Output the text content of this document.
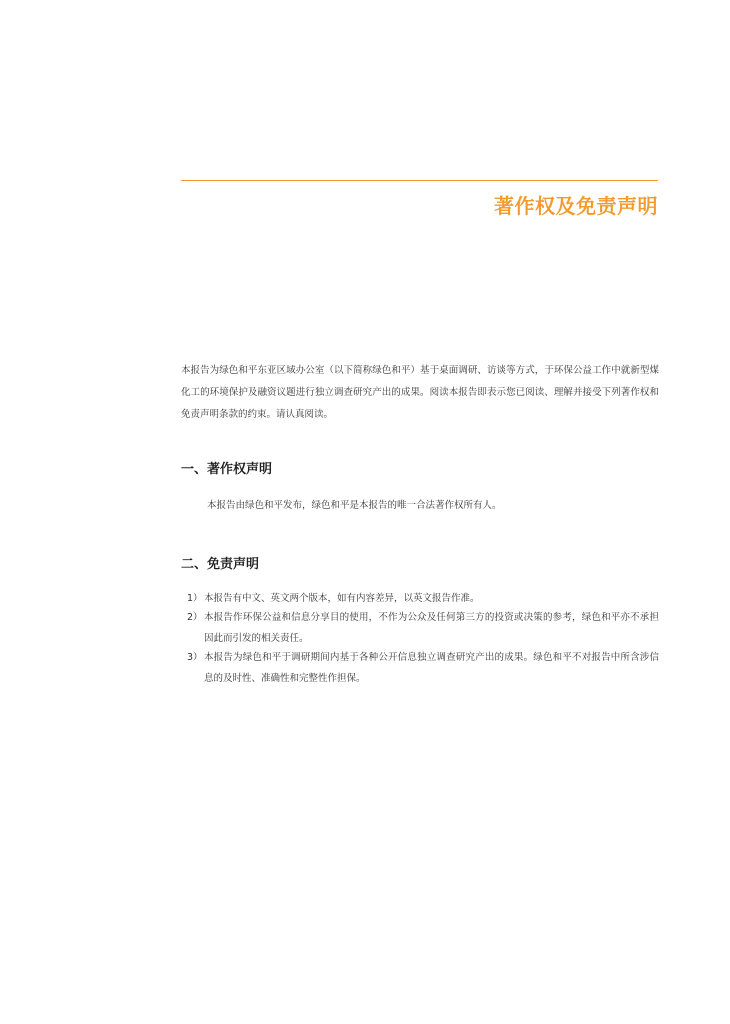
著作权及免责声明
本报告为绿色和平东亚区域办公室（以下简称绿色和平）基于桌面调研、访谈等方式，于环保公益工作中就新型煤化工的环境保护及融资议题进行独立调查研究产出的成果。阅读本报告即表示您已阅读、理解并接受下列著作权和免责声明条款的约束。请认真阅读。
一、著作权声明
本报告由绿色和平发布，绿色和平是本报告的唯一合法著作权所有人。
二、免责声明
1） 本报告有中文、英文两个版本，如有内容差异，以英文报告作准。
2） 本报告作环保公益和信息分享目的使用，不作为公众及任何第三方的投资或决策的参考，绿色和平亦不承担因此而引发的相关责任。
3） 本报告为绿色和平于调研期间内基于各种公开信息独立调查研究产出的成果。绿色和平不对报告中所含涉信息的及时性、准确性和完整性作担保。
